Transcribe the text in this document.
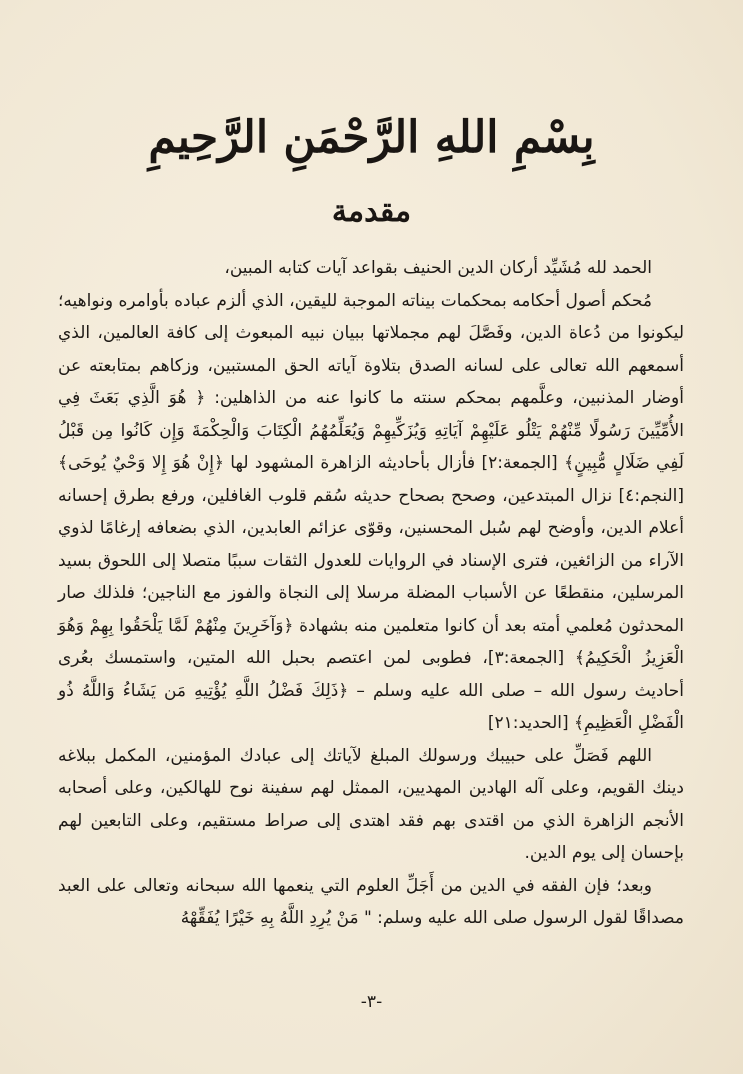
بِسْمِ اللهِ الرَّحْمَنِ الرَّحِيمِ
مقدمة

الحمد لله مُشَيِّد أركان الدين الحنيف بقواعد آيات كتابه المبين،

مُحكم أصول أحكامه بمحكمات بيناته الموجبة لليقين، الذي ألزم عباده بأوامره ونواهيه؛ ليكونوا من دُعاة الدين، وفَصَّلَ لهم مجملاتها ببيان نبيه المبعوث إلى كافة العالمين، الذي أسمعهم الله تعالى على لسانه الصدق بتلاوة آياته الحق المستبين، وزكاهم بمتابعته عن أوضار المذنبين، وعلَّمهم بمحكم سنته ما كانوا عنه من الذاهلين: ﴿ هُوَ الَّذِي بَعَثَ فِي الأُمِّيِّينَ رَسُولًا مِّنْهُمْ يَتْلُو عَلَيْهِمْ آيَاتِهِ وَيُزَكِّيهِمْ وَيُعَلِّمُهُمُ الْكِتَابَ وَالْحِكْمَةَ وَإِن كَانُوا مِن قَبْلُ لَفِي ضَلَالٍ مُّبِينٍ﴾ [الجمعة:٢] فأزال بأحاديثه الزاهرة المشهود لها ﴿إِنْ هُوَ إِلا وَحْيٌ يُوحَى﴾ [النجم:٤] نزال المبتدعين، وصحح بصحاح حديثه سُقم قلوب الغافلين، ورفع بطرق إحسانه أعلام الدين، وأوضح لهم سُبل المحسنين، وقوّى عزائم العابدين، الذي بضعافه إرغامًا لذوي الآراء من الزائغين، فترى الإسناد في الروايات للعدول الثقات سببًا متصلا إلى اللحوق بسيد المرسلين، منقطعًا عن الأسباب المضلة مرسلا إلى النجاة والفوز مع الناجين؛ فلذلك صار المحدثون مُعلمي أمته بعد أن كانوا متعلمين منه بشهادة ﴿وَآخَرِينَ مِنْهُمْ لَمَّا يَلْحَقُوا بِهِمْ وَهُوَ الْعَزِيزُ الْحَكِيمُ﴾ [الجمعة:٣]، فطوبى لمن اعتصم بحبل الله المتين، واستمسك بعُرى أحاديث رسول الله – صلى الله عليه وسلم – ﴿ذَلِكَ فَضْلُ اللَّهِ يُؤْتِيهِ مَن يَشَاءُ وَاللَّهُ ذُو الْفَضْلِ الْعَظِيمِ﴾ [الحديد:٢١]

اللهم فَصَلِّ على حبيبك ورسولك المبلغ لآياتك إلى عبادك المؤمنين، المكمل ببلاغه دينك القويم، وعلى آله الهادين المهديين، الممثل لهم سفينة نوح للهالكين، وعلى أصحابه الأنجم الزاهرة الذي من اقتدى بهم فقد اهتدى إلى صراط مستقيم، وعلى التابعين لهم بإحسان إلى يوم الدين.

وبعد؛ فإن الفقه في الدين من أَجَلِّ العلوم التي ينعمها الله سبحانه وتعالى على العبد مصداقًا لقول الرسول صلى الله عليه وسلم: " مَنْ يُرِدِ اللَّهُ بِهِ خَيْرًا يُفَقِّهْهُ

-٣-
